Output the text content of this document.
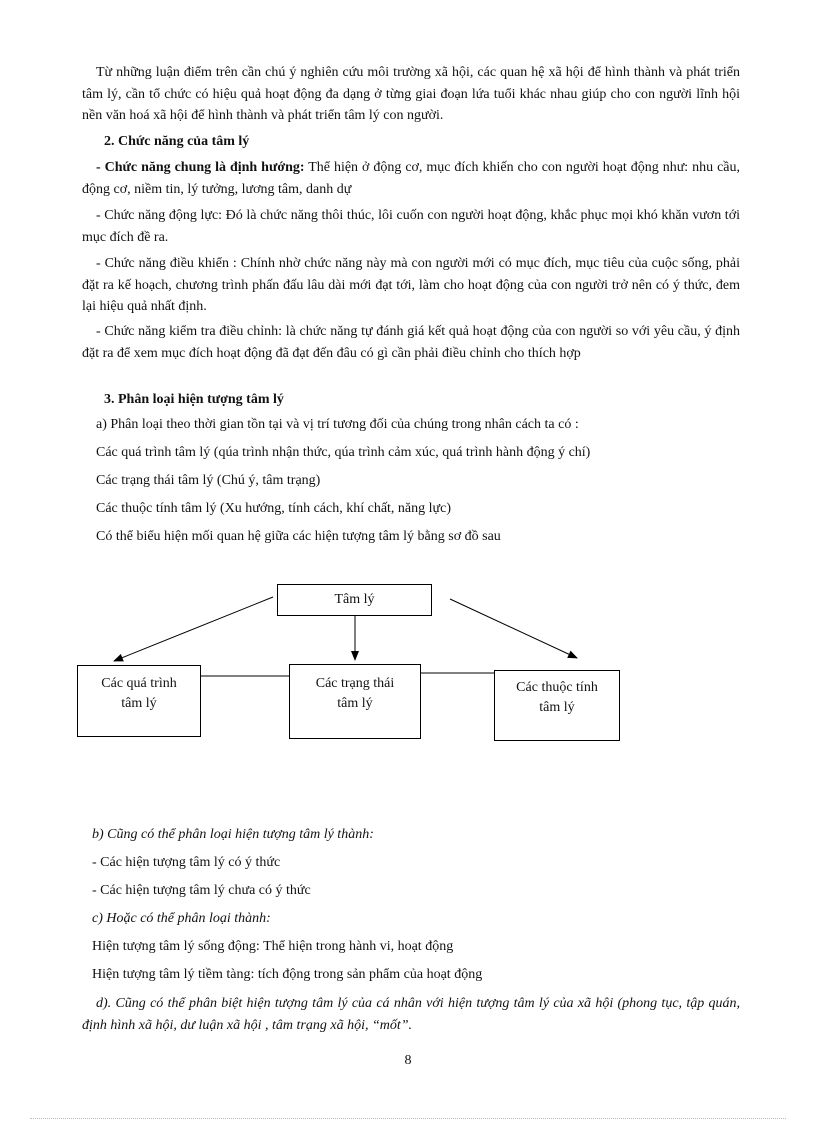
Từ những luận điểm trên cần chú ý nghiên cứu môi trường xã hội, các quan hệ xã hội để hình thành và phát triển tâm lý, cần tổ chức có hiệu quả hoạt động đa dạng ở từng giai đoạn lứa tuổi khác nhau giúp cho con người lĩnh hội nền văn hoá xã hội để hình thành và phát triển tâm lý con người.

2. Chức năng của tâm lý

- Chức năng chung là định hướng: Thể hiện ở động cơ, mục đích khiến cho con người hoạt động như: nhu cầu, động cơ, niềm tin, lý tưởng, lương tâm, danh dự

- Chức năng động lực: Đó là chức năng thôi thúc, lôi cuốn con người hoạt động, khắc phục mọi khó khăn vươn tới mục đích đề ra.

- Chức năng điều khiển : Chính nhờ chức năng này mà con người mới có mục đích, mục tiêu của cuộc sống, phải đặt ra kế hoạch, chương trình phấn đấu lâu dài mới đạt tới, làm cho hoạt động của con người trở nên có ý thức, đem lại hiệu quả nhất định.

- Chức năng kiểm tra điều chỉnh: là chức năng tự đánh giá kết quả hoạt động của con người so với yêu cầu, ý định đặt ra để xem mục đích hoạt động đã đạt đến đâu có gì cần phải điều chỉnh cho thích hợp

3. Phân loại hiện tượng tâm lý

a) Phân loại theo thời gian tồn tại và vị trí tương đối của chúng trong nhân cách ta có :

Các quá trình tâm lý (qúa trình nhận thức, qúa trình cảm xúc, quá trình hành động ý chí)

Các trạng thái tâm lý (Chú ý, tâm trạng)

Các thuộc tính tâm lý (Xu hướng, tính cách, khí chất, năng lực)

Có thể biểu hiện mối quan hệ giữa các hiện tượng tâm lý bằng sơ đồ sau

Tâm lý
Các quá trình
tâm lý
Các trạng thái
tâm lý
Các thuộc tính
tâm lý

b) Cũng có thể phân loại hiện tượng tâm lý thành:

- Các hiện tượng tâm lý có ý thức

- Các hiện tượng tâm lý chưa có ý thức

c) Hoặc có thể phân loại thành:

Hiện tượng tâm lý sống động: Thể hiện trong hành vi, hoạt động

Hiện tượng tâm lý tiềm tàng: tích động trong sản phẩm của hoạt động

d). Cũng có thể phân biệt hiện tượng tâm lý của cá nhân với hiện tượng tâm lý của xã hội (phong tục, tập quán, định hình xã hội, dư luận xã hội , tâm trạng xã hội, “mốt”.

8
